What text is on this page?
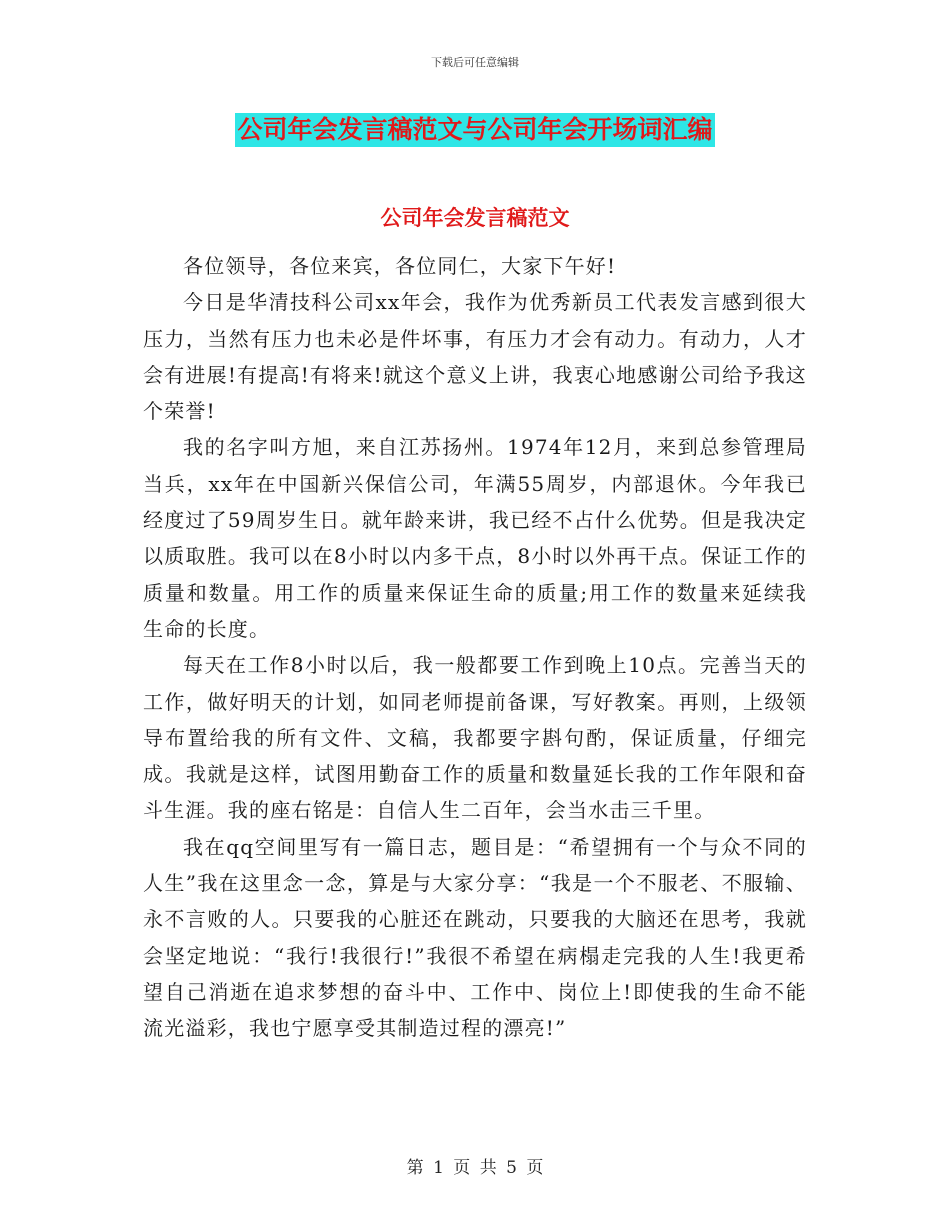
下载后可任意编辑
公司年会发言稿范文与公司年会开场词汇编
公司年会发言稿范文

各位领导，各位来宾，各位同仁，大家下午好!

今日是华清技科公司xx年会，我作为优秀新员工代表发言感到很大压力，当然有压力也未必是件坏事，有压力才会有动力。有动力，人才会有进展!有提高!有将来!就这个意义上讲，我衷心地感谢公司给予我这个荣誉!

我的名字叫方旭，来自江苏扬州。1974年12月，来到总参管理局当兵，xx年在中国新兴保信公司，年满55周岁，内部退休。今年我已经度过了59周岁生日。就年龄来讲，我已经不占什么优势。但是我决定以质取胜。我可以在8小时以内多干点，8小时以外再干点。保证工作的质量和数量。用工作的质量来保证生命的质量;用工作的数量来延续我生命的长度。

每天在工作8小时以后，我一般都要工作到晚上10点。完善当天的工作，做好明天的计划，如同老师提前备课，写好教案。再则，上级领导布置给我的所有文件、文稿，我都要字斟句酌，保证质量，仔细完成。我就是这样，试图用勤奋工作的质量和数量延长我的工作年限和奋斗生涯。我的座右铭是：自信人生二百年，会当水击三千里。

我在qq空间里写有一篇日志，题目是：“希望拥有一个与众不同的人生”我在这里念一念，算是与大家分享：“我是一个不服老、不服输、永不言败的人。只要我的心脏还在跳动，只要我的大脑还在思考，我就会坚定地说：“我行!我很行!”我很不希望在病榻走完我的人生!我更希望自己消逝在追求梦想的奋斗中、工作中、岗位上!即使我的生命不能流光溢彩，我也宁愿享受其制造过程的漂亮!”

第 1 页 共 5 页
